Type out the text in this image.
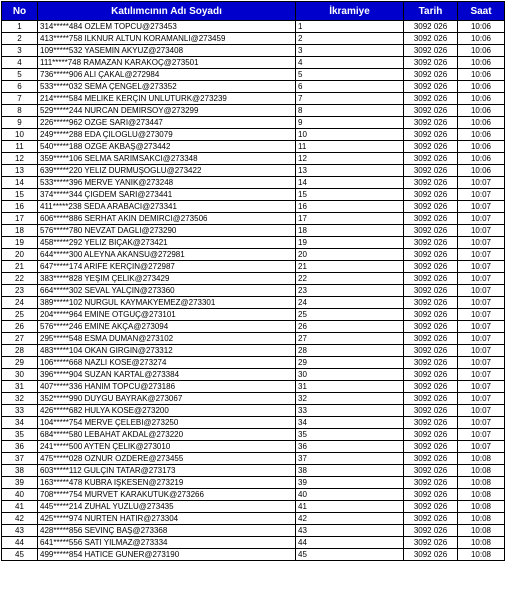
No	Katılımcının Adı Soyadı	İkramiye	Tarih	Saat
1	314*****484 OZLEM TOPCU@273453	1	3092 026	10:06
2	413*****758 ILKNUR ALTUN KORAMANLI@273459	2	3092 026	10:06
3	109*****532 YASEMIN AKYUZ@273408	3	3092 026	10:06
4	111*****748 RAMAZAN KARAKOÇ@273501	4	3092 026	10:06
5	736*****906 ALI ÇAKAL@272984	5	3092 026	10:06
6	533*****032 SEMA ÇENGEL@273352	6	3092 026	10:06
7	214*****584 MELIKE KERÇIN UNLUTURK@273239	7	3092 026	10:06
8	529*****244 NURCAN DEMIRSOY@273299	8	3092 026	10:06
9	226*****962 OZGE SARI@273447	9	3092 026	10:06
10	249*****288 EDA ÇILOGLU@273079	10	3092 026	10:06
11	540*****188 OZGE AKBAŞ@273442	11	3092 026	10:06
12	359*****106 SELMA SARIMSAKCI@273348	12	3092 026	10:06
13	639*****220 YELIZ DURMUŞOGLU@273422	13	3092 026	10:06
14	533*****396 MERVE YANIK@273248	14	3092 026	10:07
15	374*****344 ÇIGDEM SARI@273441	15	3092 026	10:07
16	411*****238 SEDA ARABACI@273341	16	3092 026	10:07
17	606*****886 SERHAT AKIN DEMIRCI@273506	17	3092 026	10:07
18	576*****780 NEVZAT DAGLI@273290	18	3092 026	10:07
19	458*****292 YELIZ BIÇAK@273421	19	3092 026	10:07
20	644*****300 ALEYNA AKANSU@272981	20	3092 026	10:07
21	647*****174 ARIFE KERÇIN@272987	21	3092 026	10:07
22	383*****828 YEŞIM ÇELIK@273429	22	3092 026	10:07
23	664*****302 SEVAL YALÇIN@273360	23	3092 026	10:07
24	389*****102 NURGUL KAYMAKYEMEZ@273301	24	3092 026	10:07
25	204*****964 EMINE OTGUÇ@273101	25	3092 026	10:07
26	576*****246 EMINE AKÇA@273094	26	3092 026	10:07
27	295*****548 ESMA DUMAN@273102	27	3092 026	10:07
28	483*****104 OKAN GIRGIN@273312	28	3092 026	10:07
29	106*****668 NAZLI KOSE@273274	29	3092 026	10:07
30	396*****904 SUZAN KARTAL@273384	30	3092 026	10:07
31	407*****336 HANIM TOPCU@273186	31	3092 026	10:07
32	352*****990 DUYGU BAYRAK@273067	32	3092 026	10:07
33	426*****682 HULYA KOSE@273200	33	3092 026	10:07
34	104*****754 MERVE ÇELEBI@273250	34	3092 026	10:07
35	684*****580 LEBAHAT AKDAL@273220	35	3092 026	10:07
36	241*****500 AYTEN ÇELIK@273010	36	3092 026	10:07
37	475*****028 OZNUR OZDERE@273455	37	3092 026	10:08
38	603*****112 GULÇIN TATAR@273173	38	3092 026	10:08
39	163*****478 KUBRA IŞKESEN@273219	39	3092 026	10:08
40	708*****754 MURVET KARAKUTUK@273266	40	3092 026	10:08
41	445*****214 ZUHAL YUZLU@273435	41	3092 026	10:08
42	425*****974 NURTEN HATIR@273304	42	3092 026	10:08
43	428*****856 SEVINÇ BAŞ@273368	43	3092 026	10:08
44	641*****556 SATI YILMAZ@273334	44	3092 026	10:08
45	499*****854 HATICE GUNER@273190	45	3092 026	10:08
